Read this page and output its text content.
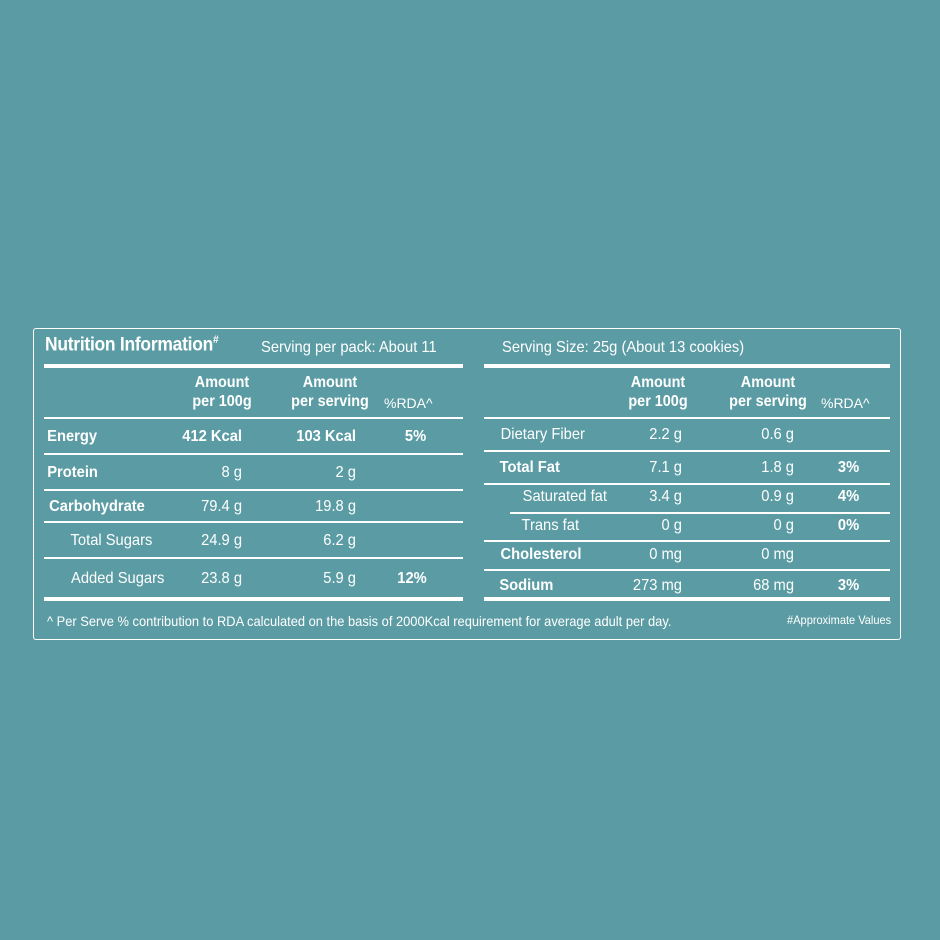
Nutrition Information#	Serving per pack: About 11	Serving Size: 25g (About 13 cookies)
Amount
per 100g
Amount
per serving	%RDA^
Amount
per 100g
Amount
per serving	%RDA^
Energy	412 Kcal	103 Kcal	5%
Protein	8 g	2 g
Carbohydrate	79.4 g	19.8 g
Total Sugars	24.9 g	6.2 g
Added Sugars	23.8 g	5.9 g	12%
Dietary Fiber	2.2 g	0.6 g
Total Fat	7.1 g	1.8 g	3%
Saturated fat	3.4 g	0.9 g	4%
Trans fat	0 g	0 g	0%
Cholesterol	0 mg	0 mg
Sodium	273 mg	68 mg	3%
^ Per Serve % contribution to RDA calculated on the basis of 2000Kcal requirement for average adult per day.	#Approximate Values
